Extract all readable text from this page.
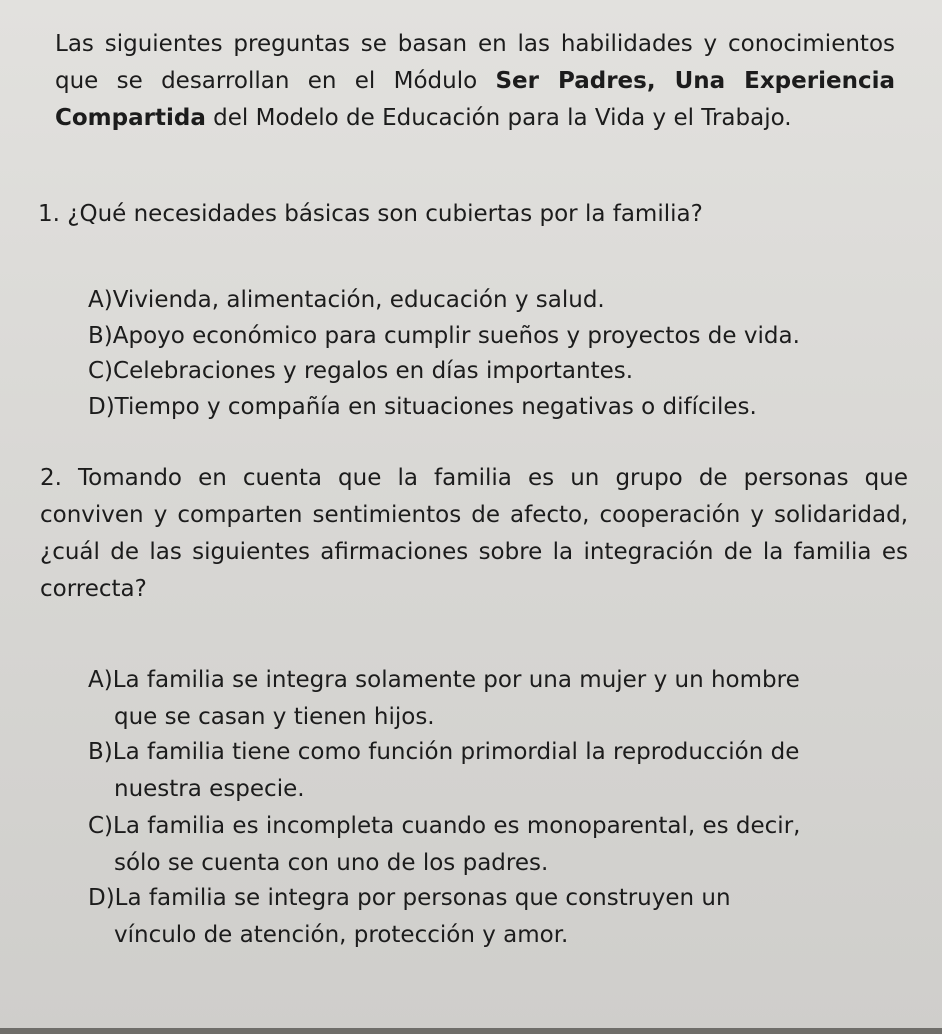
Las siguientes preguntas se basan en las habilidades y conocimientos que se desarrollan en el Módulo Ser Padres, Una Experiencia Compartida del Modelo de Educación para la Vida y el Trabajo.

1. ¿Qué necesidades básicas son cubiertas por la familia?
A)Vivienda, alimentación, educación y salud.
B)Apoyo económico para cumplir sueños y proyectos de vida.
C)Celebraciones y regalos en días importantes.
D)Tiempo y compañía en situaciones negativas o difíciles.

2. Tomando en cuenta que la familia es un grupo de personas que conviven y comparten sentimientos de afecto, cooperación y solidaridad, ¿cuál de las siguientes afirmaciones sobre la integración de la familia es correcta?

A)La familia se integra solamente por una mujer y un hombre
que se casan y tienen hijos.
B)La familia tiene como función primordial la reproducción de
nuestra especie.
C)La familia es incompleta cuando es monoparental, es decir,
sólo se cuenta con uno de los padres.
D)La familia se integra por personas que construyen un
vínculo de atención, protección y amor.
